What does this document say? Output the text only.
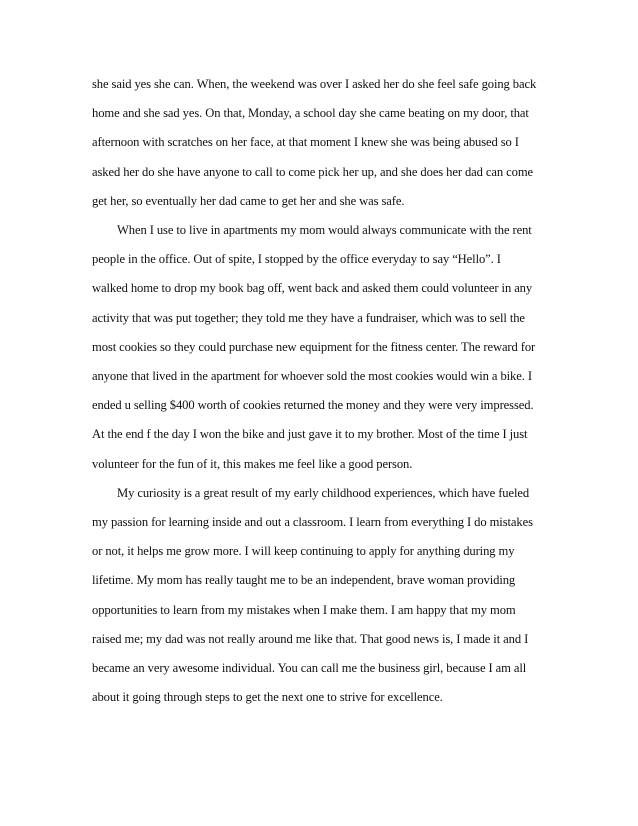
she said yes she can. When, the weekend was over I asked her do she feel safe going back
home and she sad yes. On that, Monday, a school day she came beating on my door, that
afternoon with scratches on her face, at that moment I knew she was being abused so I
asked her do she have anyone to call to come pick her up, and she does her dad can come
get her, so eventually her dad came to get her and she was safe.
When I use to live in apartments my mom would always communicate with the rent
people in the office. Out of spite, I stopped by the office everyday to say “Hello”. I
walked home to drop my book bag off, went back and asked them could volunteer in any
activity that was put together; they told me they have a fundraiser, which was to sell the
most cookies so they could purchase new equipment for the fitness center. The reward for
anyone that lived in the apartment for whoever sold the most cookies would win a bike. I
ended u selling $400 worth of cookies returned the money and they were very impressed.
At the end f the day I won the bike and just gave it to my brother. Most of the time I just
volunteer for the fun of it, this makes me feel like a good person.
My curiosity is a great result of my early childhood experiences, which have fueled
my passion for learning inside and out a classroom. I learn from everything I do mistakes
or not, it helps me grow more. I will keep continuing to apply for anything during my
lifetime. My mom has really taught me to be an independent, brave woman providing
opportunities to learn from my mistakes when I make them. I am happy that my mom
raised me; my dad was not really around me like that. That good news is, I made it and I
became an very awesome individual. You can call me the business girl, because I am all
about it going through steps to get the next one to strive for excellence.
